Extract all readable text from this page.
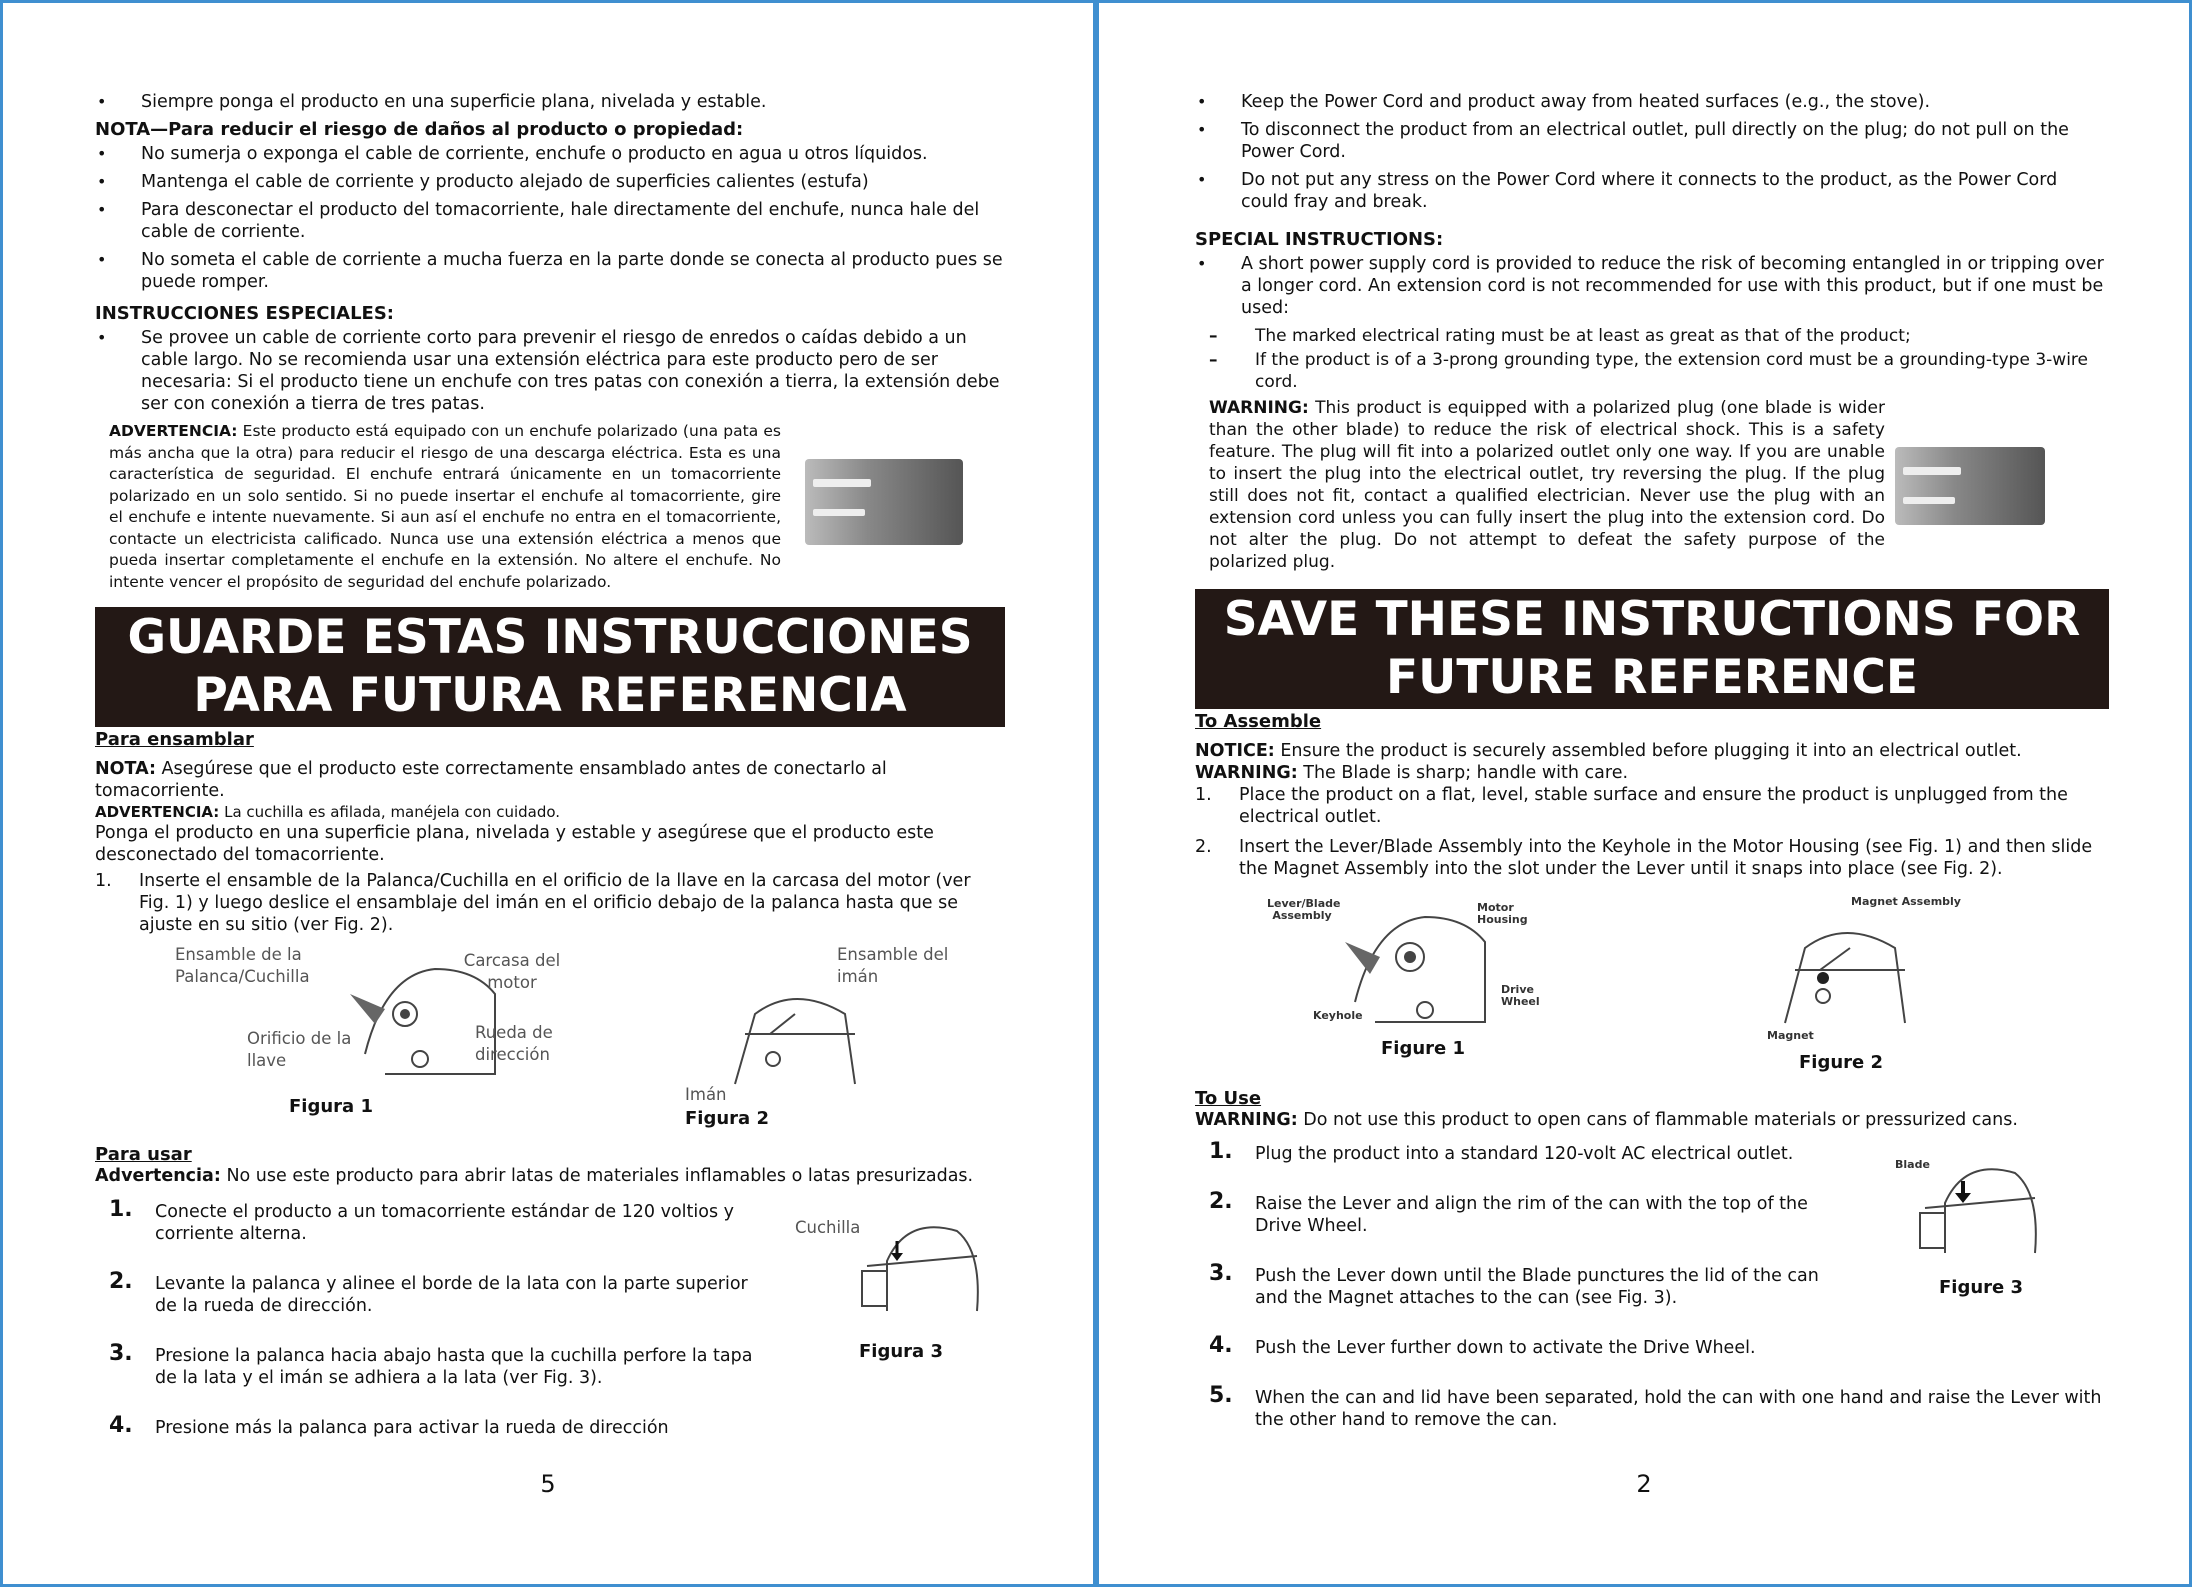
• Siempre ponga el producto en una superficie plana, nivelada y estable.
NOTA—Para reducir el riesgo de daños al producto o propiedad:
• No sumerja o exponga el cable de corriente, enchufe o producto en agua u otros líquidos.
• Mantenga el cable de corriente y producto alejado de superficies calientes (estufa)
• Para desconectar el producto del tomacorriente, hale directamente del enchufe, nunca hale del cable de corriente.
• No someta el cable de corriente a mucha fuerza en la parte donde se conecta al producto pues se puede romper.
INSTRUCCIONES ESPECIALES:
• Se provee un cable de corriente corto para prevenir el riesgo de enredos o caídas debido a un cable largo. No se recomienda usar una extensión eléctrica para este producto pero de ser necesaria: Si el producto tiene un enchufe con tres patas con conexión a tierra, la extensión debe ser con conexión a tierra de tres patas.

ADVERTENCIA: Este producto está equipado con un enchufe polarizado (una pata es más ancha que la otra) para reducir el riesgo de una descarga eléctrica. Esta es una característica de seguridad. El enchufe entrará únicamente en un tomacorriente polarizado en un solo sentido. Si no puede insertar el enchufe al tomacorriente, gire el enchufe e intente nuevamente. Si aun así el enchufe no entra en el tomacorriente, contacte un electricista calificado. Nunca use una extensión eléctrica a menos que pueda insertar completamente el enchufe en la extensión. No altere el enchufe. No intente vencer el propósito de seguridad del enchufe polarizado.

GUARDE ESTAS INSTRUCCIONES PARA FUTURA REFERENCIA
Para ensamblar
NOTA: Asegúrese que el producto este correctamente ensamblado antes de conectarlo al tomacorriente.
ADVERTENCIA: La cuchilla es afilada, manéjela con cuidado.
Ponga el producto en una superficie plana, nivelada y estable y asegúrese que el producto este desconectado del tomacorriente.
1. Inserte el ensamble de la Palanca/Cuchilla en el orificio de la llave en la carcasa del motor (ver Fig. 1) y luego deslice el ensamblaje del imán en el orificio debajo de la palanca hasta que se ajuste en su sitio (ver Fig. 2).
Ensamble de la Palanca/Cuchilla
Carcasa del motor
Orificio de la llave
Rueda de dirección
Figura 1
Ensamble del imán
Imán
Figura 2
Para usar
Advertencia: No use este producto para abrir latas de materiales inflamables o latas presurizadas.
1. Conecte el producto a un tomacorriente estándar de 120 voltios y corriente alterna.
2. Levante la palanca y alinee el borde de la lata con la parte superior de la rueda de dirección.
3. Presione la palanca hacia abajo hasta que la cuchilla perfore la tapa de la lata y el imán se adhiera a la lata (ver Fig. 3).
4. Presione más la palanca para activar la rueda de dirección
Cuchilla
Figura 3
5
• Keep the Power Cord and product away from heated surfaces (e.g., the stove).
• To disconnect the product from an electrical outlet, pull directly on the plug; do not pull on the Power Cord.
• Do not put any stress on the Power Cord where it connects to the product, as the Power Cord could fray and break.
SPECIAL INSTRUCTIONS:
• A short power supply cord is provided to reduce the risk of becoming entangled in or tripping over a longer cord. An extension cord is not recommended for use with this product, but if one must be used:
– The marked electrical rating must be at least as great as that of the product;
– If the product is of a 3-prong grounding type, the extension cord must be a grounding-type 3-wire cord.

WARNING: This product is equipped with a polarized plug (one blade is wider than the other blade) to reduce the risk of electrical shock. This is a safety feature. The plug will fit into a polarized outlet only one way. If you are unable to insert the plug into the electrical outlet, try reversing the plug. If the plug still does not fit, contact a qualified electrician. Never use the plug with an extension cord unless you can fully insert the plug into the extension cord. Do not alter the plug. Do not attempt to defeat the safety purpose of the polarized plug.

SAVE THESE INSTRUCTIONS FOR FUTURE REFERENCE
To Assemble
NOTICE: Ensure the product is securely assembled before plugging it into an electrical outlet.
WARNING: The Blade is sharp; handle with care.
1. Place the product on a flat, level, stable surface and ensure the product is unplugged from the electrical outlet.
2. Insert the Lever/Blade Assembly into the Keyhole in the Motor Housing (see Fig. 1) and then slide the Magnet Assembly into the slot under the Lever until it snaps into place (see Fig. 2).
Lever/Blade Assembly
Motor Housing
Drive Wheel
Keyhole
Figure 1
Magnet Assembly
Magnet
Figure 2
To Use
WARNING: Do not use this product to open cans of flammable materials or pressurized cans.
1. Plug the product into a standard 120-volt AC electrical outlet.
2. Raise the Lever and align the rim of the can with the top of the Drive Wheel.
3. Push the Lever down until the Blade punctures the lid of the can and the Magnet attaches to the can (see Fig. 3).
4. Push the Lever further down to activate the Drive Wheel.
5. When the can and lid have been separated, hold the can with one hand and raise the Lever with the other hand to remove the can.
Blade
Figure 3
2
